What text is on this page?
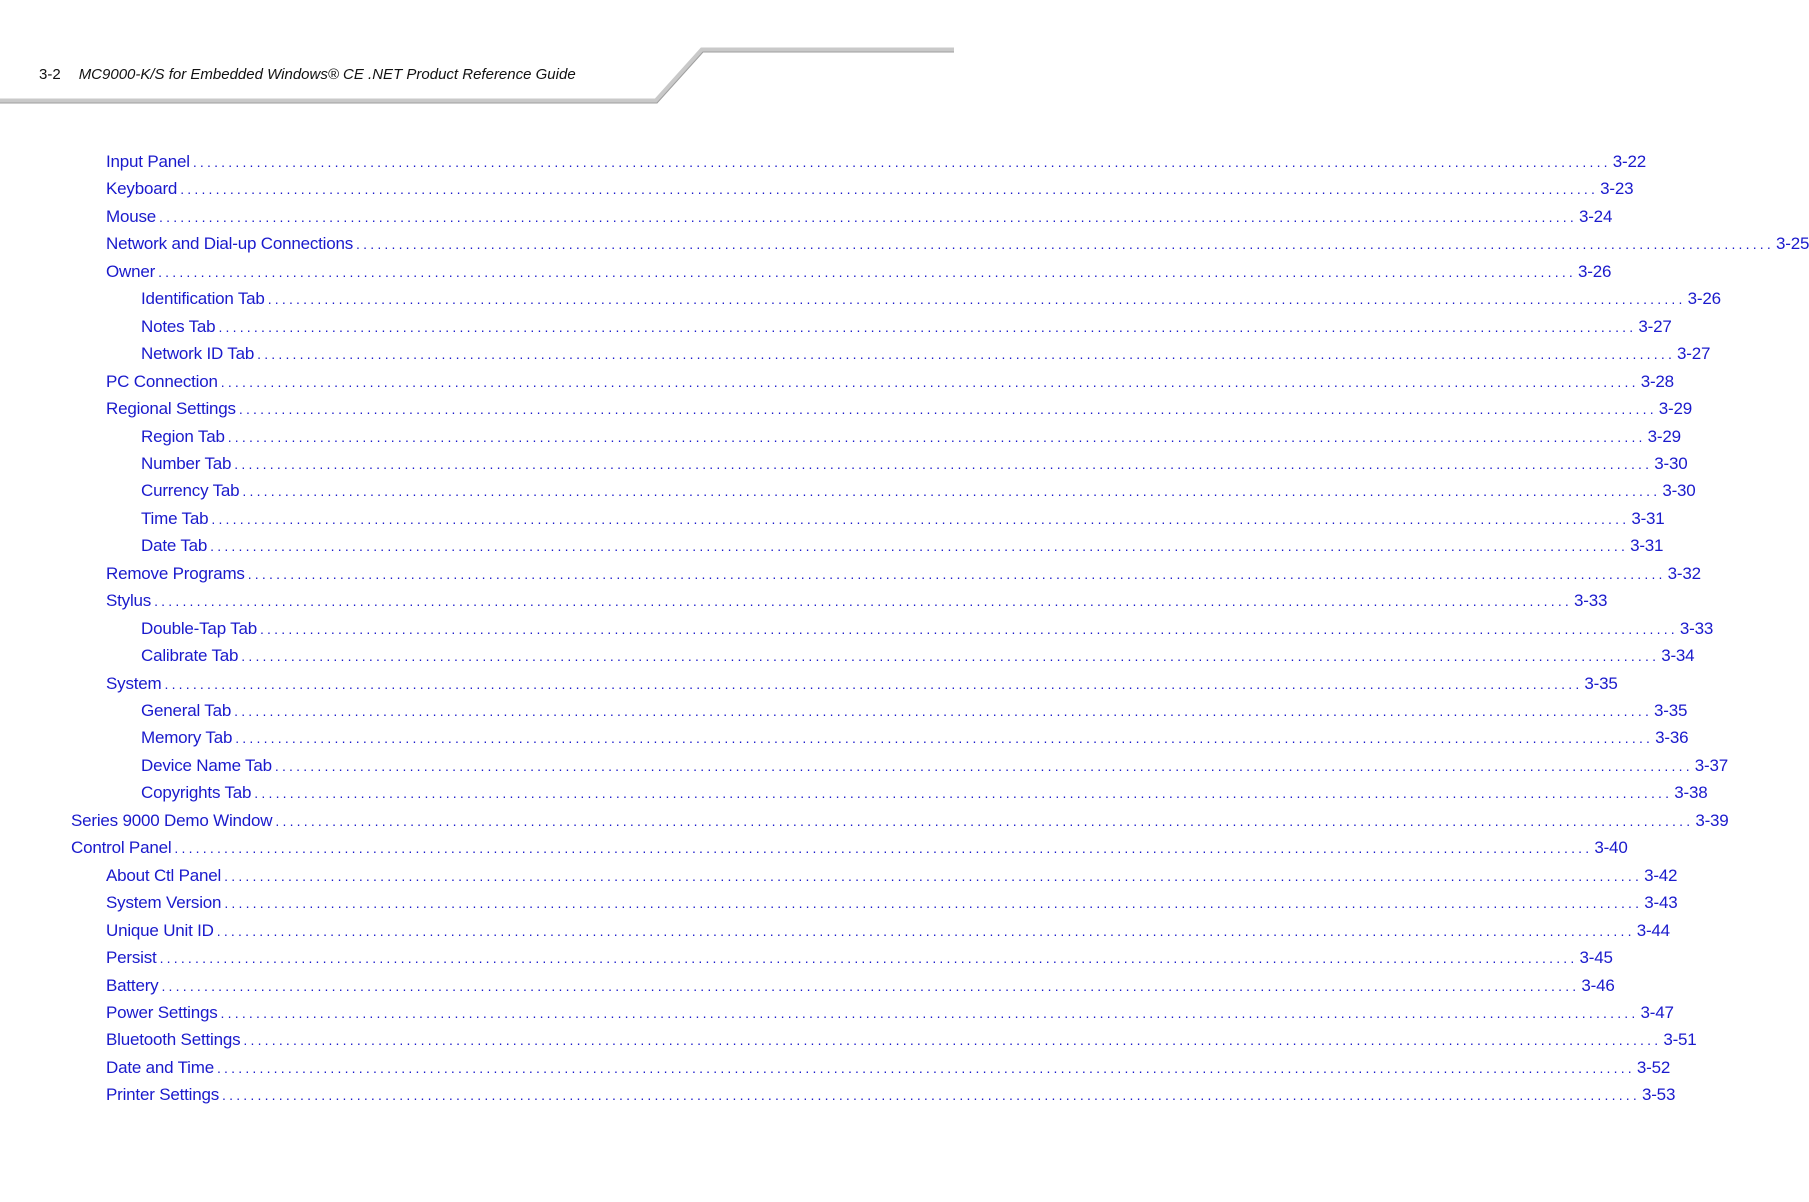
3-2 MC9000-K/S for Embedded Windows® CE .NET Product Reference Guide
Input Panel ........................................................................................................................................................................................................ 3-22
Keyboard ........................................................................................................................................................................................................ 3-23
Mouse ........................................................................................................................................................................................................ 3-24
Network and Dial-up Connections ........................................................................................................................................................................................................ 3-25
Owner ........................................................................................................................................................................................................ 3-26
Identification Tab ........................................................................................................................................................................................................ 3-26
Notes Tab ........................................................................................................................................................................................................ 3-27
Network ID Tab ........................................................................................................................................................................................................ 3-27
PC Connection ........................................................................................................................................................................................................ 3-28
Regional Settings ........................................................................................................................................................................................................ 3-29
Region Tab ........................................................................................................................................................................................................ 3-29
Number Tab ........................................................................................................................................................................................................ 3-30
Currency Tab ........................................................................................................................................................................................................ 3-30
Time Tab ........................................................................................................................................................................................................ 3-31
Date Tab ........................................................................................................................................................................................................ 3-31
Remove Programs ........................................................................................................................................................................................................ 3-32
Stylus ........................................................................................................................................................................................................ 3-33
Double-Tap Tab ........................................................................................................................................................................................................ 3-33
Calibrate Tab ........................................................................................................................................................................................................ 3-34
System ........................................................................................................................................................................................................ 3-35
General Tab ........................................................................................................................................................................................................ 3-35
Memory Tab ........................................................................................................................................................................................................ 3-36
Device Name Tab ........................................................................................................................................................................................................ 3-37
Copyrights Tab ........................................................................................................................................................................................................ 3-38
Series 9000 Demo Window ........................................................................................................................................................................................................ 3-39
Control Panel ........................................................................................................................................................................................................ 3-40
About Ctl Panel ........................................................................................................................................................................................................ 3-42
System Version ........................................................................................................................................................................................................ 3-43
Unique Unit ID ........................................................................................................................................................................................................ 3-44
Persist ........................................................................................................................................................................................................ 3-45
Battery ........................................................................................................................................................................................................ 3-46
Power Settings ........................................................................................................................................................................................................ 3-47
Bluetooth Settings ........................................................................................................................................................................................................ 3-51
Date and Time ........................................................................................................................................................................................................ 3-52
Printer Settings ........................................................................................................................................................................................................ 3-53
